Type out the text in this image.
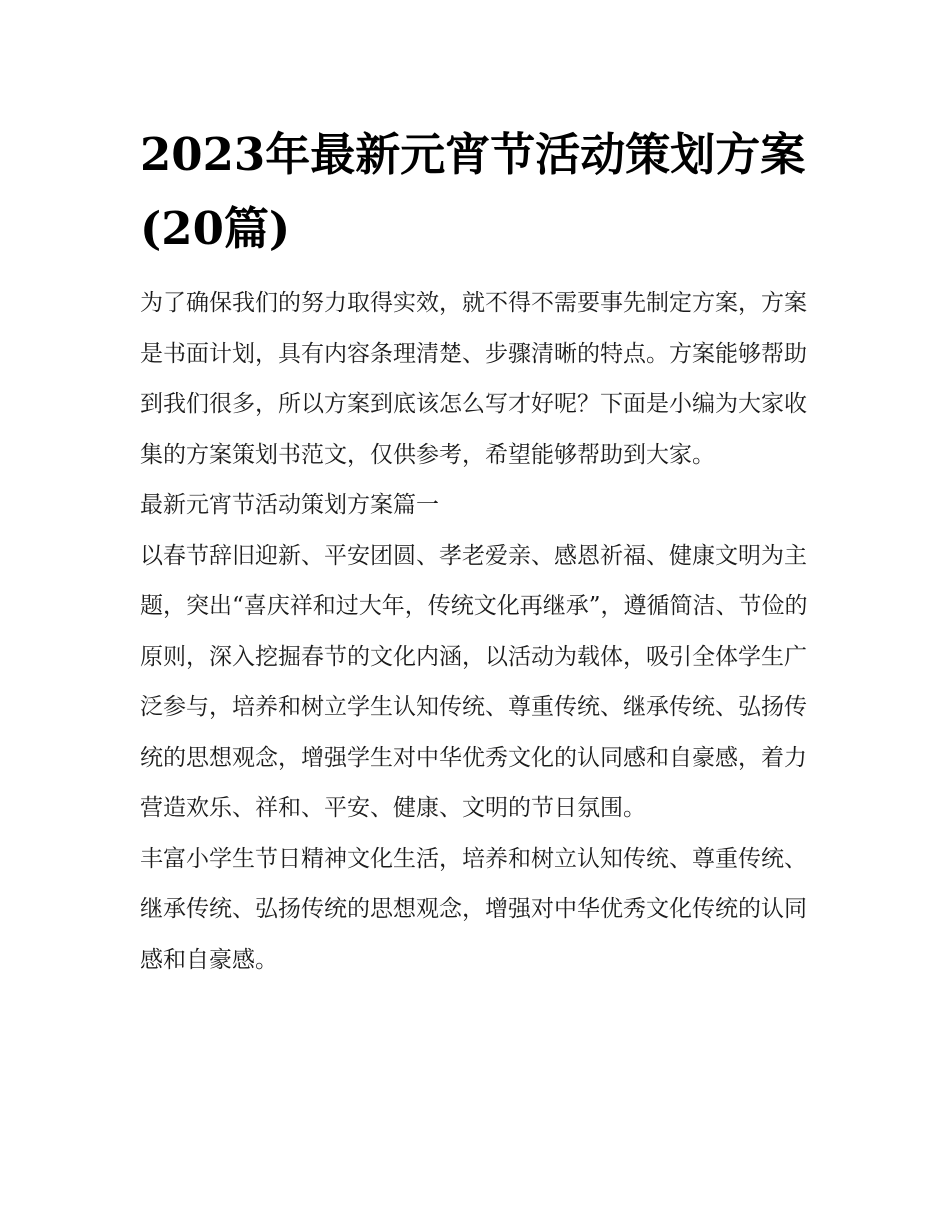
2023年最新元宵节活动策划方案(20篇)

为了确保我们的努力取得实效，就不得不需要事先制定方案，方案是书面计划，具有内容条理清楚、步骤清晰的特点。方案能够帮助到我们很多，所以方案到底该怎么写才好呢？下面是小编为大家收集的方案策划书范文，仅供参考，希望能够帮助到大家。

最新元宵节活动策划方案篇一

以春节辞旧迎新、平安团圆、孝老爱亲、感恩祈福、健康文明为主题，突出“喜庆祥和过大年，传统文化再继承”，遵循简洁、节俭的原则，深入挖掘春节的文化内涵，以活动为载体，吸引全体学生广泛参与，培养和树立学生认知传统、尊重传统、继承传统、弘扬传统的思想观念，增强学生对中华优秀文化的认同感和自豪感，着力营造欢乐、祥和、平安、健康、文明的节日氛围。

丰富小学生节日精神文化生活，培养和树立认知传统、尊重传统、继承传统、弘扬传统的思想观念，增强对中华优秀文化传统的认同感和自豪感。
